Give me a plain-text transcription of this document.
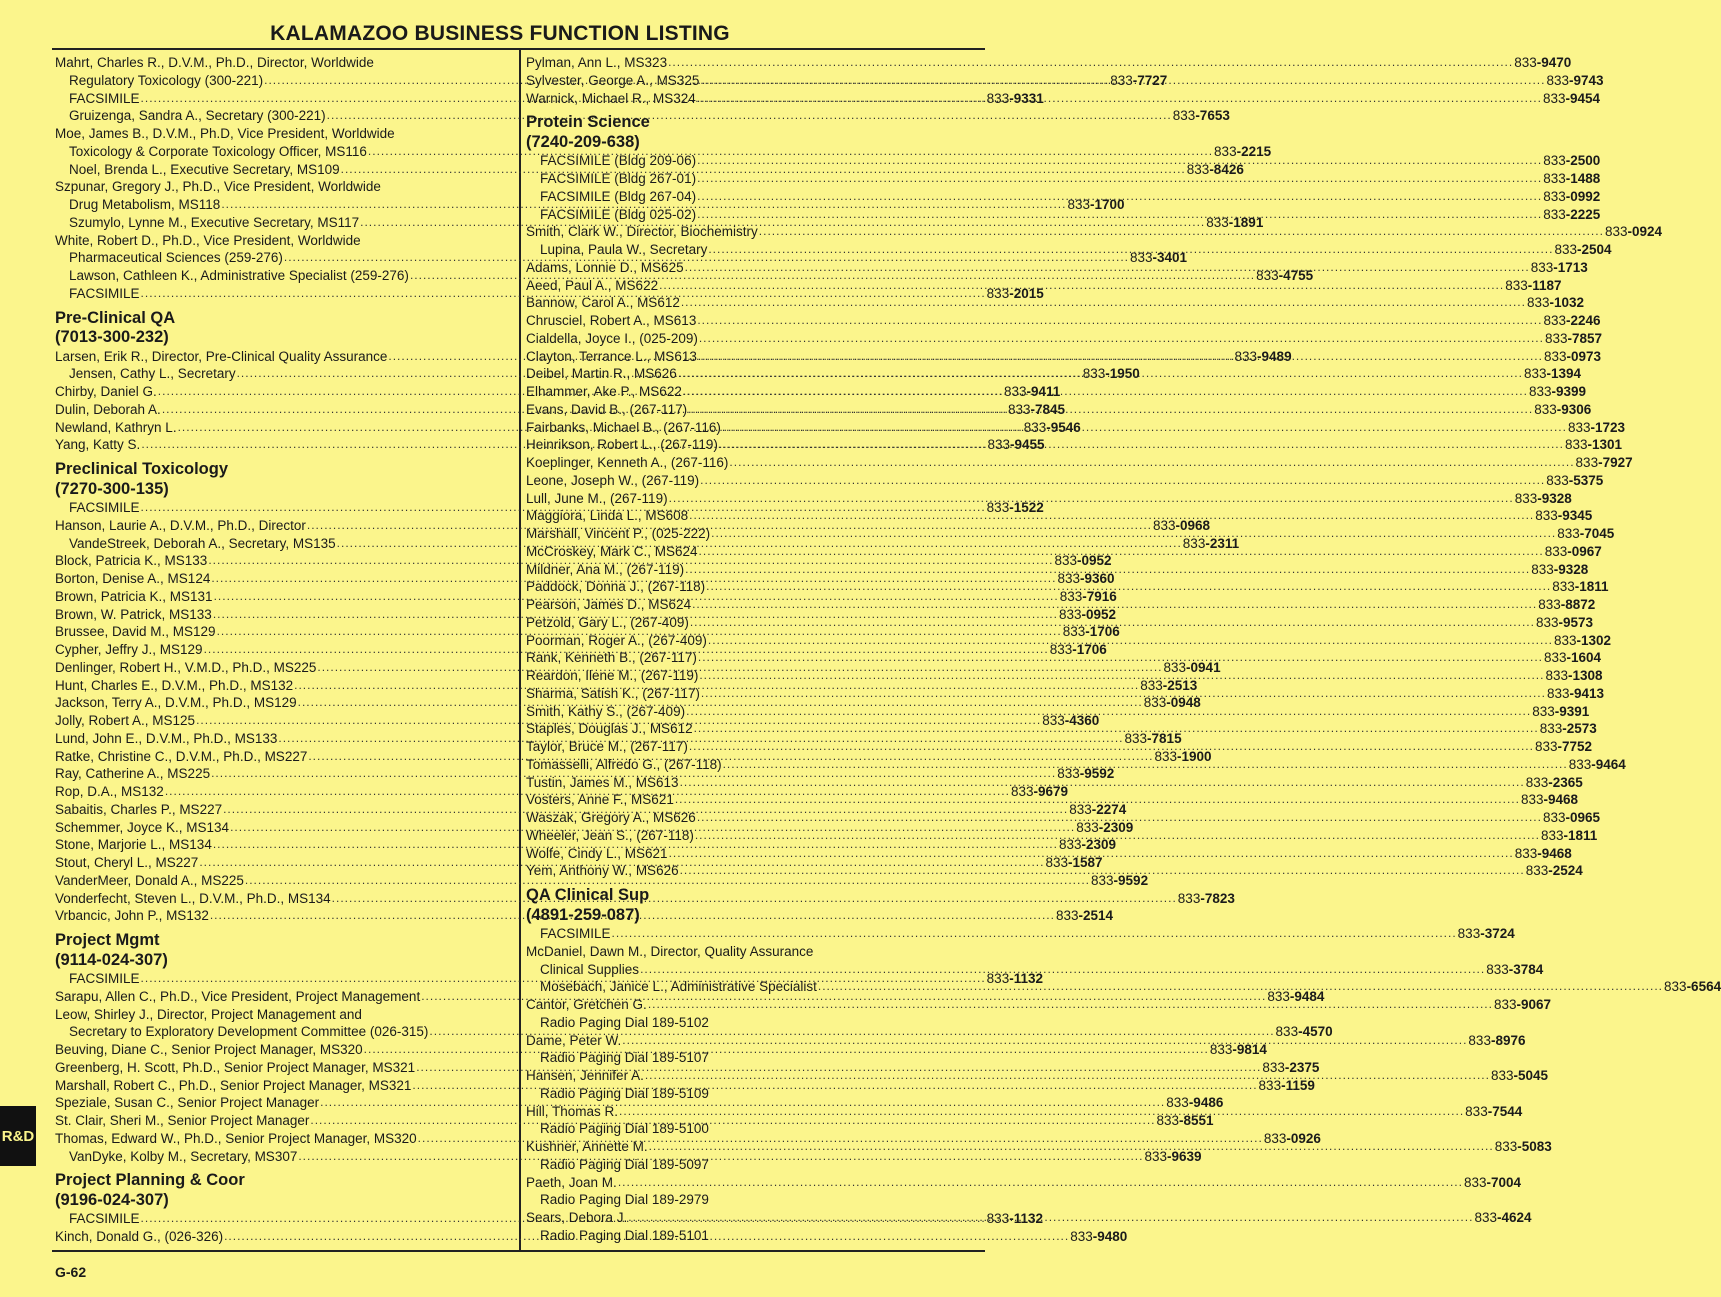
KALAMAZOO BUSINESS FUNCTION LISTING
Mahrt, Charles R., D.V.M., Ph.D., Director, Worldwide
Regulatory Toxicology (300-221) .....	833-7727
FACSIMILE .....	833-9331
Gruizenga, Sandra A., Secretary (300-221) .....	833-7653
Moe, James B., D.V.M., Ph.D, Vice President, Worldwide
Toxicology & Corporate Toxicology Officer, MS116 .....	833-2215
Noel, Brenda L., Executive Secretary, MS109 .....	833-8426
Szpunar, Gregory J., Ph.D., Vice President, Worldwide
Drug Metabolism, MS118 .....	833-1700
Szumylo, Lynne M., Executive Secretary, MS117 .....	833-1891
White, Robert D., Ph.D., Vice President, Worldwide
Pharmaceutical Sciences (259-276) .....	833-3401
Lawson, Cathleen K., Administrative Specialist (259-276) .....	833-4755
FACSIMILE .....	833-2015
Pre-Clinical QA
(7013-300-232)
Larsen, Erik R., Director, Pre-Clinical Quality Assurance .....	833-9489
Jensen, Cathy L., Secretary .....	833-1950
Chirby, Daniel G. .....	833-9411
Dulin, Deborah A. .....	833-7845
Newland, Kathryn L. .....	833-9546
Yang, Katty S. .....	833-9455
Preclinical Toxicology
(7270-300-135)
FACSIMILE .....	833-1522
Hanson, Laurie A., D.V.M., Ph.D., Director .....	833-0968
VandeStreek, Deborah A., Secretary, MS135 .....	833-2311
Block, Patricia K., MS133 .....	833-0952
Borton, Denise A., MS124 .....	833-9360
Brown, Patricia K., MS131 .....	833-7916
Brown, W. Patrick, MS133 .....	833-0952
Brussee, David M., MS129 .....	833-1706
Cypher, Jeffry J., MS129 .....	833-1706
Denlinger, Robert H., V.M.D., Ph.D., MS225 .....	833-0941
Hunt, Charles E., D.V.M., Ph.D., MS132 .....	833-2513
Jackson, Terry A., D.V.M., Ph.D., MS129 .....	833-0948
Jolly, Robert A., MS125 .....	833-4360
Lund, John E., D.V.M., Ph.D., MS133 .....	833-7815
Ratke, Christine C., D.V.M., Ph.D., MS227 .....	833-1900
Ray, Catherine A., MS225 .....	833-9592
Rop, D.A., MS132 .....	833-9679
Sabaitis, Charles P., MS227 .....	833-2274
Schemmer, Joyce K., MS134 .....	833-2309
Stone, Marjorie L., MS134 .....	833-2309
Stout, Cheryl L., MS227 .....	833-1587
VanderMeer, Donald A., MS225 .....	833-9592
Vonderfecht, Steven L., D.V.M., Ph.D., MS134 .....	833-7823
Vrbancic, John P., MS132 .....	833-2514
Project Mgmt
(9114-024-307)
FACSIMILE .....	833-1132
Sarapu, Allen C., Ph.D., Vice President, Project Management .....	833-9484
Leow, Shirley J., Director, Project Management and
Secretary to Exploratory Development Committee (026-315) .....	833-4570
Beuving, Diane C., Senior Project Manager, MS320 .....	833-9814
Greenberg, H. Scott, Ph.D., Senior Project Manager, MS321 .....	833-2375
Marshall, Robert C., Ph.D., Senior Project Manager, MS321 .....	833-1159
Speziale, Susan C., Senior Project Manager .....	833-9486
St. Clair, Sheri M., Senior Project Manager .....	833-8551
Thomas, Edward W., Ph.D., Senior Project Manager, MS320 .....	833-0926
VanDyke, Kolby M., Secretary, MS307 .....	833-9639
Project Planning & Coor
(9196-024-307)
FACSIMILE .....	833-1132
Kinch, Donald G., (026-326) .....	833-9480
Pylman, Ann L., MS323 .....	833-9470
Sylvester, George A., MS325 .....	833-9743
Warnick, Michael R., MS324 .....	833-9454
Protein Science
(7240-209-638)
FACSIMILE (Bldg 209-06) .....	833-2500
FACSIMILE (Bldg 267-01) .....	833-1488
FACSIMILE (Bldg 267-04) .....	833-0992
FACSIMILE (Bldg 025-02) .....	833-2225
Smith, Clark W., Director, Biochemistry .....	833-0924
Lupina, Paula W., Secretary .....	833-2504
Adams, Lonnie D., MS625 .....	833-1713
Aeed, Paul A., MS622 .....	833-1187
Bannow, Carol A., MS612 .....	833-1032
Chrusciel, Robert A., MS613 .....	833-2246
Cialdella, Joyce I., (025-209) .....	833-7857
Clayton, Terrance L., MS613 .....	833-0973
Deibel, Martin R., MS626 .....	833-1394
Elhammer, Ake P., MS622 .....	833-9399
Evans, David B., (267-117) .....	833-9306
Fairbanks, Michael B., (267-116) .....	833-1723
Heinrikson, Robert L., (267-119) .....	833-1301
Koeplinger, Kenneth A., (267-116) .....	833-7927
Leone, Joseph W., (267-119) .....	833-5375
Lull, June M., (267-119) .....	833-9328
Maggiora, Linda L., MS608 .....	833-9345
Marshall, Vincent P., (025-222) .....	833-7045
McCroskey, Mark C., MS624 .....	833-0967
Mildner, Ana M., (267-119) .....	833-9328
Paddock, Donna J., (267-118) .....	833-1811
Pearson, James D., MS624 .....	833-8872
Petzold, Gary L., (267-409) .....	833-9573
Poorman, Roger A., (267-409) .....	833-1302
Rank, Kenneth B., (267-117) .....	833-1604
Reardon, Ilene M., (267-119) .....	833-1308
Sharma, Satish K., (267-117) .....	833-9413
Smith, Kathy S., (267-409) .....	833-9391
Staples, Douglas J., MS612 .....	833-2573
Taylor, Bruce M., (267-117) .....	833-7752
Tomasselli, Alfredo G., (267-118) .....	833-9464
Tustin, James M., MS613 .....	833-2365
Vosters, Anne F., MS621 .....	833-9468
Waszak, Gregory A., MS626 .....	833-0965
Wheeler, Jean S., (267-118) .....	833-1811
Wolfe, Cindy L., MS621 .....	833-9468
Yem, Anthony W., MS626 .....	833-2524
QA Clinical Sup
(4891-259-087)
FACSIMILE .....	833-3724
McDaniel, Dawn M., Director, Quality Assurance
Clinical Supplies .....	833-3784
Mosebach, Janice L., Administrative Specialist .....	833-6564
Cantor, Gretchen G. .....	833-9067
Radio Paging Dial 189-5102
Dame, Peter W. .....	833-8976
Radio Paging Dial 189-5107
Hansen, Jennifer A. .....	833-5045
Radio Paging Dial 189-5109
Hill, Thomas R. .....	833-7544
Radio Paging Dial 189-5100
Kushner, Annette M. .....	833-5083
Radio Paging Dial 189-5097
Paeth, Joan M. .....	833-7004
Radio Paging Dial 189-2979
Sears, Debora J. .....	833-4624
Radio Paging Dial 189-5101
R&D
G-62
